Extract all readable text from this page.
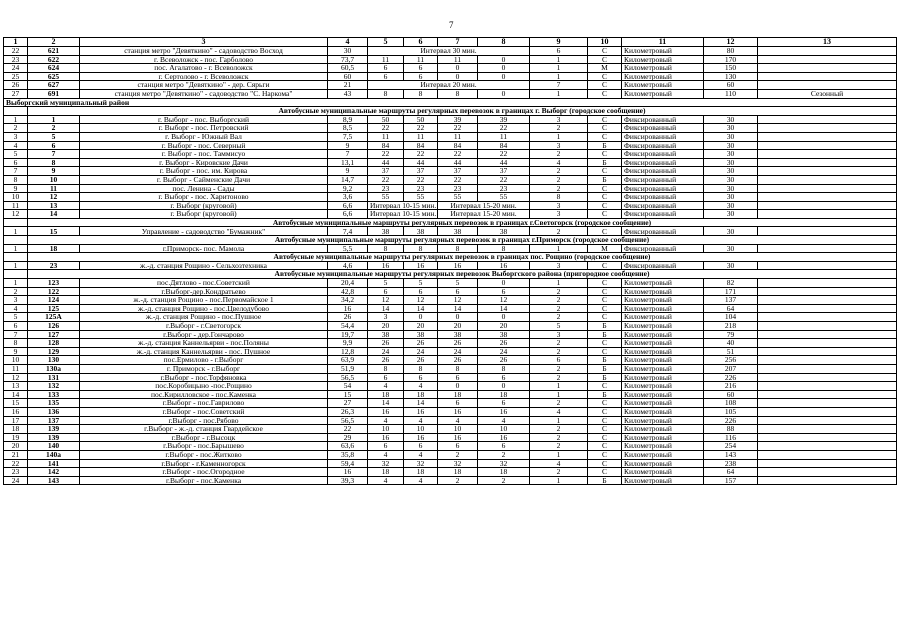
7
1	2	3	4	5	6	7	8	9	10	11	12	13
22	621	станция метро "Девяткино" - садоводство Восход	30	Интервал 30 мин.				6	С	Километровый	80	
23	622	г. Всеволожск - пос. Гарболово	73,7	11	11	11	0	1	С	Километровый	170	
24	624	пос. Агалатово - г. Всеволожск	60,5	6	6	0	0	1	М	Километровый	150	
25	625	г. Сертолово - г. Всеволожск	60	6	6	0	0	1	С	Километровый	130	
26	627	станция метро "Девяткино" - дер. Сярьги	21	Интервал 20 мин.				7	С	Километровый	60	
27	691	станция метро "Девяткино" - садоводство "С. Наркома"	43	8	8	8	0	1	С	Километровый	110	Сезонный
Выборгский муниципальный район												
	Автобусные муниципальные маршруты регулярных перевозок в границах г. Выборг (городское сообщение)											
1	1	г. Выборг - пос. Выборгский	8,9	50	50	39	39	3	С	Фиксированный	30	
2	2	г. Выборг - пос. Петровский	8,5	22	22	22	22	2	С	Фиксированный	30	
3	5	г. Выборг - Южный Вал	7,5	11	11	11	11	1	С	Фиксированный	30	
4	6	г. Выборг - пос. Северный	9	84	84	84	84	3	Б	Фиксированный	30	
5	7	г. Выборг - пос. Таммисуо	7	22	22	22	22	2	С	Фиксированный	30	
6	8	г. Выборг - Кировские Дачи	13,1	44	44	44	44	4	Б	Фиксированный	30	
7	9	г. Выборг - пос. им. Кирова	9	37	37	37	37	2	С	Фиксированный	30	
8	10	г. Выборг - Сайменские Дачи	14,7	22	22	22	22	2	Б	Фиксированный	30	
9	11	пос. Ленина - Сады	9,2	23	23	23	23	2	С	Фиксированный	30	
10	12	г. Выборг - пос. Харитоново	3,6	55	55	55	55	8	С	Фиксированный	30	
11	13	г. Выборг (круговой)	6,6	Интервал 10-15 мин.		Интервал 15-20 мин.		3	С	Фиксированный	30	
12	14	г. Выборг (круговой)	6,6	Интервал 10-15 мин.		Интервал 15-20 мин.		3	С	Фиксированный	30	
	Автобусные муниципальные маршруты регулярных перевозок в границах г.Светогорск (городское сообщение)											
1	15	Управление - садоводство "Бумажник"	7,4	38	38	38	38	2	С	Фиксированный	30	
	Автобусные муниципальные маршруты регулярных перевозок в границах г.Приморск (городское сообщение)											
1	18	г.Приморск- пос. Мамола	5,5	8	8	8	8	1	М	Фиксированный	30	
	Автобусные муниципальные маршруты регулярных перевозок в границах пос. Рощино (городское сообщение)											
1	23	ж.-д. станция Рощино - Сельхозтехника	4,6	16	16	16	16	3	С	Фиксированный	30	
	Автобусные муниципальные маршруты регулярных перевозок Выборгского района (пригородное сообщение)											
1	123	пос.Дятлово - пос.Советский	20,4	5	5	5	0	1	С	Километровый	82	
2	122	г.Выборг-дер.Кондратьево	42,8	6	6	6	6	2	С	Километровый	171	
3	124	ж.-д. станция Рощино - пос.Первомайское 1	34,2	12	12	12	12	2	С	Километровый	137	
4	125	ж.-д. станция Рощино - пос.Цвелодубово	16	14	14	14	14	2	С	Километровый	64	
5	125А	ж.-д. станция Рощино - пос.Пушное	26	3	0	0	0	2	С	Километровый	104	
6	126	г.Выборг - г.Светогорск	54,4	20	20	20	20	5	Б	Километровый	218	
7	127	г.Выборг - дер.Гончарово	19,7	38	38	38	38	3	Б	Километровый	79	
8	128	ж.-д. станция Каннельярви - пос.Поляны	9,9	26	26	26	26	2	С	Километровый	40	
9	129	ж.-д. станция Каннельярви - пос. Пушное	12,8	24	24	24	24	2	С	Километровый	51	
10	130	пос.Ермилово - г.Выборг	63,9	26	26	26	26	6	Б	Километровый	256	
11	130а	г. Приморск - г.Выборг	51,9	8	8	8	8	2	Б	Километровый	207	
12	131	г.Выборг - пос.Торфяновка	56,5	6	6	6	6	2	Б	Километровый	226	
13	132	пос.Коробицыно -пос.Рощино	54	4	4	0	0	1	С	Километровый	216	
14	133	пос.Кирилловское - пос.Каменка	15	18	18	18	18	1	Б	Километровый	60	
15	135	г.Выборг - пос.Гаврилово	27	14	14	6	6	2	С	Километровый	108	
16	136	г.Выборг - пос.Советский	26,3	16	16	16	16	4	С	Километровый	105	
17	137	г.Выборг - пос.Рябово	56,5	4	4	4	4	1	С	Километровый	226	
18	139	г.Выборг - ж.-д. станция Гвардейское	22	10	10	10	10	2	С	Километровый	88	
19	139	г.Выборг - г.Высоцк	29	16	16	16	16	2	С	Километровый	116	
20	140	г.Выборг - пос.Барышево	63,6	6	6	6	6	2	С	Километровый	254	
21	140а	г.Выборг - пос.Житково	35,8	4	4	2	2	1	С	Километровый	143	
22	141	г.Выборг - г.Каменногорск	59,4	32	32	32	32	4	С	Километровый	238	
23	142	г.Выборг - пос.Огородное	16	18	18	18	18	2	С	Километровый	64	
24	143	г.Выборг - пос.Каменка	39,3	4	4	2	2	1	Б	Километровый	157	
